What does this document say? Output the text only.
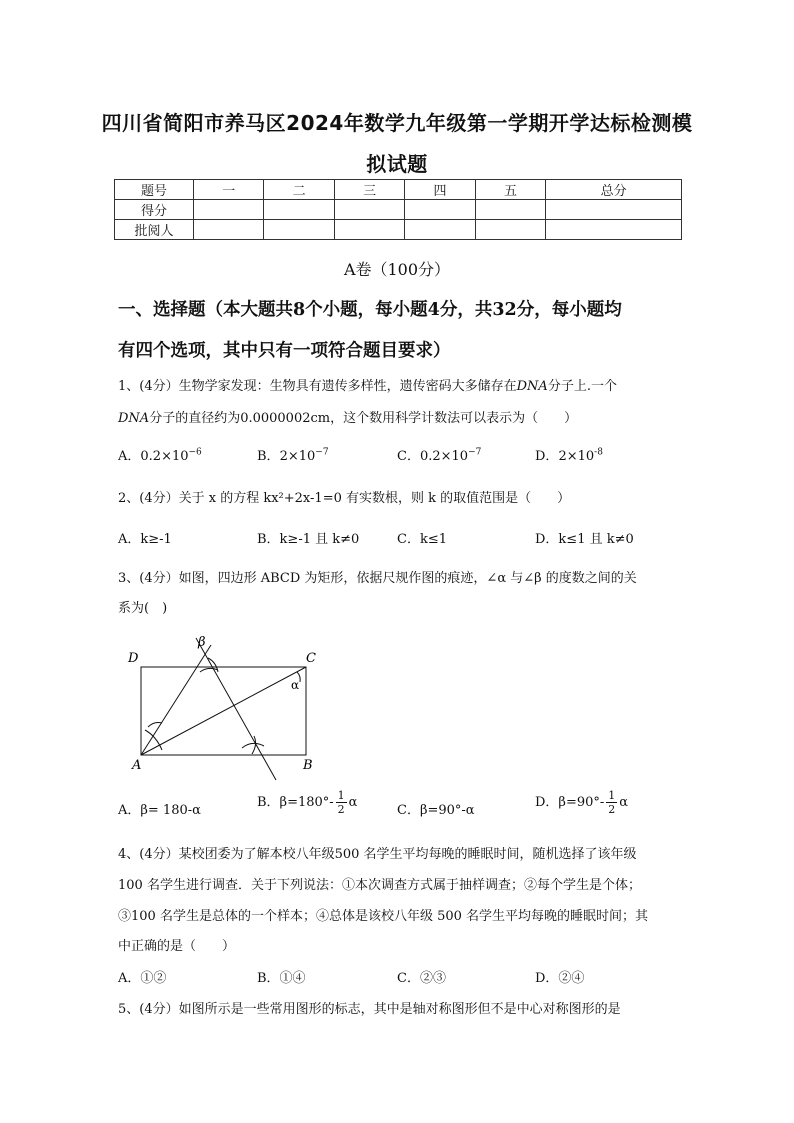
四川省简阳市养马区2024年数学九年级第一学期开学达标检测模
拟试题
题号	一	二	三	四	五	总分
得分						
批阅人						
A卷（100分）
一、选择题（本大题共8个小题，每小题4分，共32分，每小题均
有四个选项，其中只有一项符合题目要求）
1、(4分）生物学家发现：生物具有遗传多样性，遗传密码大多储存在DNA分子上.一个
DNA分子的直径约为0.0000002cm，这个数用科学计数法可以表示为（　　）
A．$0.2\times 10^{-6}$	B．$2\times 10^{-7}$	C．$0.2\times 10^{-7}$	D．$2\times 10^{-8}$
2、(4分）关于 x 的方程 kx²+2x-1=0 有实数根，则 k 的取值范围是（　　）
A．k≥-1	B．k≥-1 且 k≠0	C．k≤1	D．k≤1 且 k≠0
3、(4分）如图，四边形 ABCD 为矩形，依据尺规作图的痕迹，∠α 与∠β 的度数之间的关
系为(　)
D	C
A	B
α
β
A．β= 180-α
B．$\beta=180^\circ- \frac{1}{2}$ α
C．β=90°-α
D．$\beta=90^\circ- \frac{1}{2}$ α
4、(4分）某校团委为了解本校八年级500 名学生平均每晚的睡眠时间，随机选择了该年级
100 名学生进行调查．关于下列说法：①本次调查方式属于抽样调查；②每个学生是个体；
③100 名学生是总体的一个样本；④总体是该校八年级 500 名学生平均每晚的睡眠时间；其
中正确的是（　　）
A．①②	B．①④	C．②③	D．②④
5、(4分）如图所示是一些常用图形的标志，其中是轴对称图形但不是中心对称图形的是
